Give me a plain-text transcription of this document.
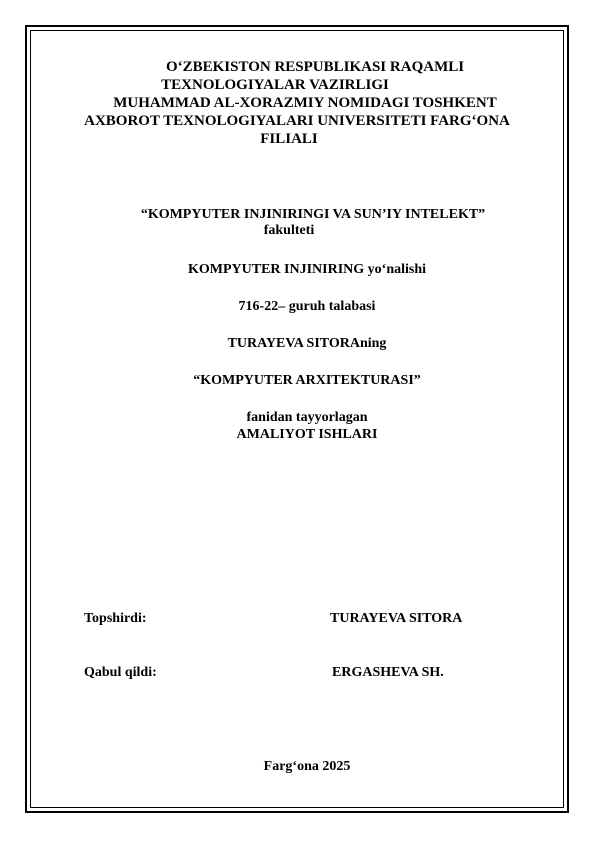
O‘ZBEKISTON RESPUBLIKASI RAQAMLI
TEXNOLOGIYALAR VAZIRLIGI
MUHAMMAD AL-XORAZMIY NOMIDAGI TOSHKENT
AXBOROT TEXNOLOGIYALARI UNIVERSITETI FARG‘ONA
FILIALI
“KOMPYUTER INJINIRINGI VA SUN’IY INTELEKT”
fakulteti
KOMPYUTER INJINIRING yo‘nalishi
716-22– guruh talabasi
TURAYEVA SITORAning
“KOMPYUTER ARXITEKTURASI”
fanidan tayyorlagan
AMALIYOT ISHLARI
Topshirdi:	TURAYEVA SITORA
Qabul qildi:	ERGASHEVA SH.
Farg‘ona 2025
